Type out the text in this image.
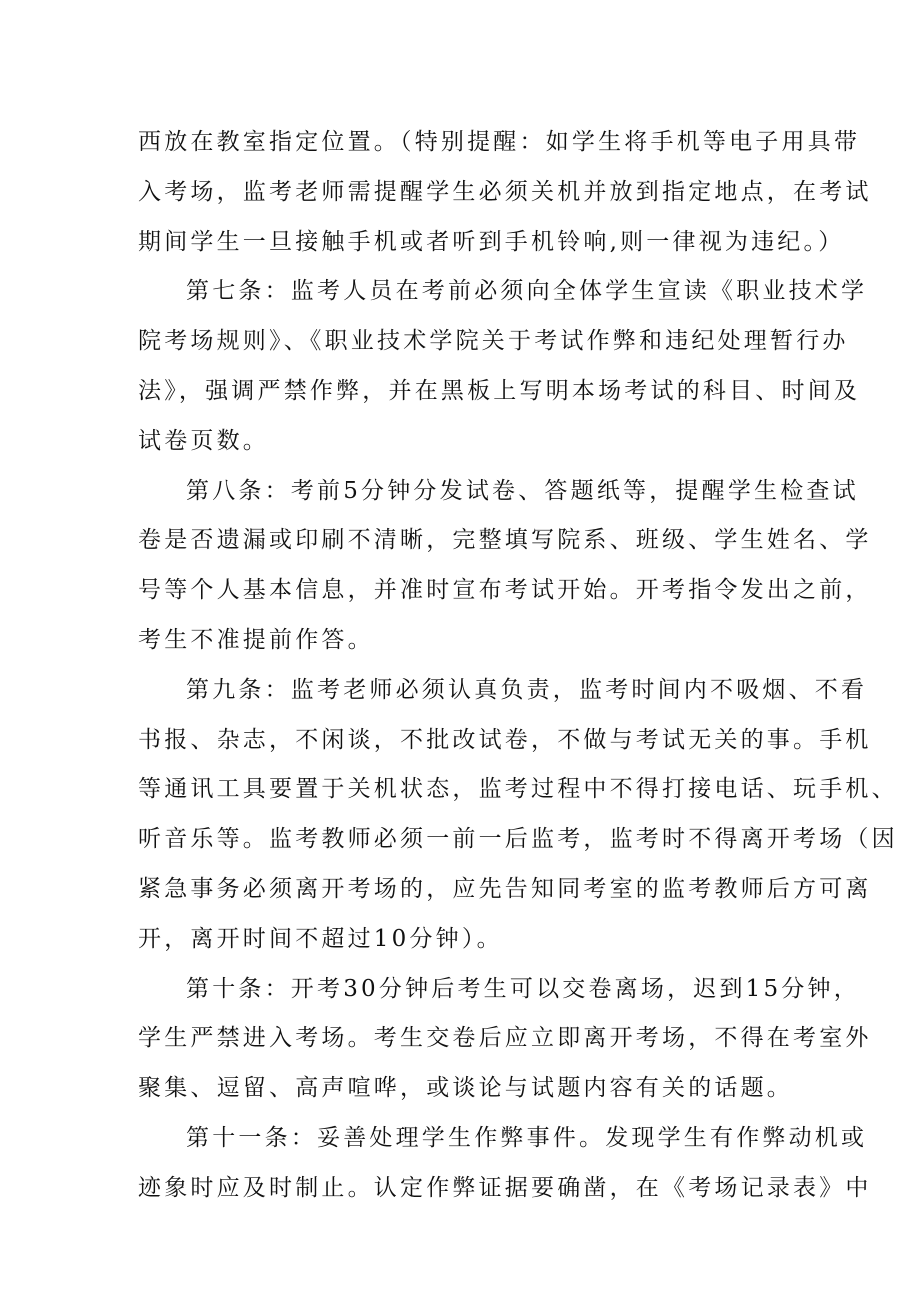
西放在教室指定位置。（特别提醒：如学生将手机等电子用具带
入考场，监考老师需提醒学生必须关机并放到指定地点，在考试
期间学生一旦接触手机或者听到手机铃响,则一律视为违纪。）

第七条：监考人员在考前必须向全体学生宣读《职业技术学
院考场规则》、《职业技术学院关于考试作弊和违纪处理暂行办
法》，强调严禁作弊，并在黑板上写明本场考试的科目、时间及
试卷页数。

第八条：考前5分钟分发试卷、答题纸等，提醒学生检查试
卷是否遗漏或印刷不清晰，完整填写院系、班级、学生姓名、学
号等个人基本信息，并准时宣布考试开始。开考指令发出之前，
考生不准提前作答。

第九条：监考老师必须认真负责，监考时间内不吸烟、不看
书报、杂志，不闲谈，不批改试卷，不做与考试无关的事。手机
等通讯工具要置于关机状态，监考过程中不得打接电话、玩手机、
听音乐等。监考教师必须一前一后监考，监考时不得离开考场（因
紧急事务必须离开考场的，应先告知同考室的监考教师后方可离
开，离开时间不超过10分钟）。

第十条：开考30分钟后考生可以交卷离场，迟到15分钟，
学生严禁进入考场。考生交卷后应立即离开考场，不得在考室外
聚集、逗留、高声喧哗，或谈论与试题内容有关的话题。

第十一条：妥善处理学生作弊事件。发现学生有作弊动机或
迹象时应及时制止。认定作弊证据要确凿，在《考场记录表》中
